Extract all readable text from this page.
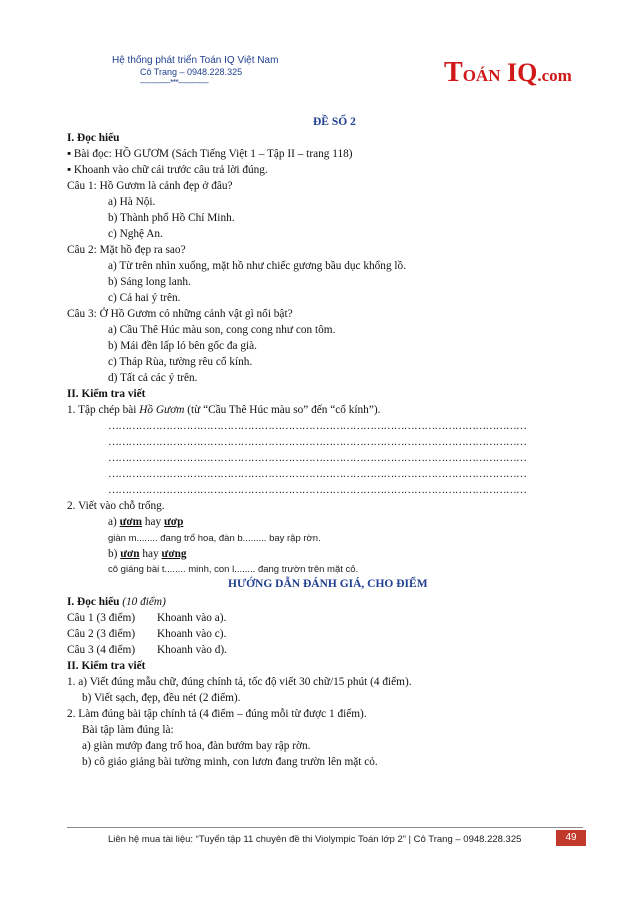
Hệ thống phát triển Toán IQ Việt Nam
Cô Trang – 0948.228.325
--------------***--------------	TOÁN IQ.com
ĐỀ SỐ 2
I. Đọc hiểu
▪ Bài đọc: HỒ GƯƠM (Sách Tiếng Việt 1 – Tập II – trang 118)
▪ Khoanh vào chữ cái trước câu trả lời đúng.
Câu 1: Hồ Gươm là cảnh đẹp ở đâu?
a) Hà Nội.
b) Thành phố Hồ Chí Minh.
c) Nghệ An.
Câu 2: Mặt hồ đẹp ra sao?
a) Từ trên nhìn xuống, mặt hồ như chiếc gương bầu dục khổng lồ.
b) Sáng long lanh.
c) Cả hai ý trên.
Câu 3: Ở Hồ Gươm có những cảnh vật gì nổi bật?
a) Cầu Thê Húc màu son, cong cong như con tôm.
b) Mái đền lấp ló bên gốc đa già.
c) Tháp Rùa, tường rêu cổ kính.
d) Tất cả các ý trên.
II. Kiểm tra viết
1. Tập chép bài Hồ Gươm (từ “Cầu Thê Húc màu so” đến “cổ kính”).
……………………………………………………………………………………………………………
……………………………………………………………………………………………………………
……………………………………………………………………………………………………………
……………………………………………………………………………………………………………
……………………………………………………………………………………………………………
2. Viết vào chỗ trống.
a) ươm hay ươp
giàn m........ đang trổ hoa, đàn b......... bay rập rờn.
b) ươn hay ương
cô giáng bài t........ minh, con l........ đang trườn trên mặt cỏ.
HƯỚNG DẪN ĐÁNH GIÁ, CHO ĐIỂM
I. Đọc hiểu (10 điểm)
Câu 1 (3 điểm) Khoanh vào a).
Câu 2 (3 điểm) Khoanh vào c).
Câu 3 (4 điểm) Khoanh vào d).
II. Kiểm tra viết
1. a) Viết đúng mẫu chữ, đúng chính tả, tốc độ viết 30 chữ/15 phút (4 điểm).
b) Viết sạch, đẹp, đều nét (2 điểm).
2. Làm đúng bài tập chính tả (4 điểm – đúng mỗi từ được 1 điểm).
Bài tập làm đúng là:
a) giàn mướp đang trổ hoa, đàn bướm bay rập rờn.
b) cô giáo giảng bài tường minh, con lươn đang trườn lên mặt cỏ.
Liên hệ mua tài liệu: “Tuyển tập 11 chuyên đề thi Violympic Toán lớp 2” | Cô Trang – 0948.228.325	49
